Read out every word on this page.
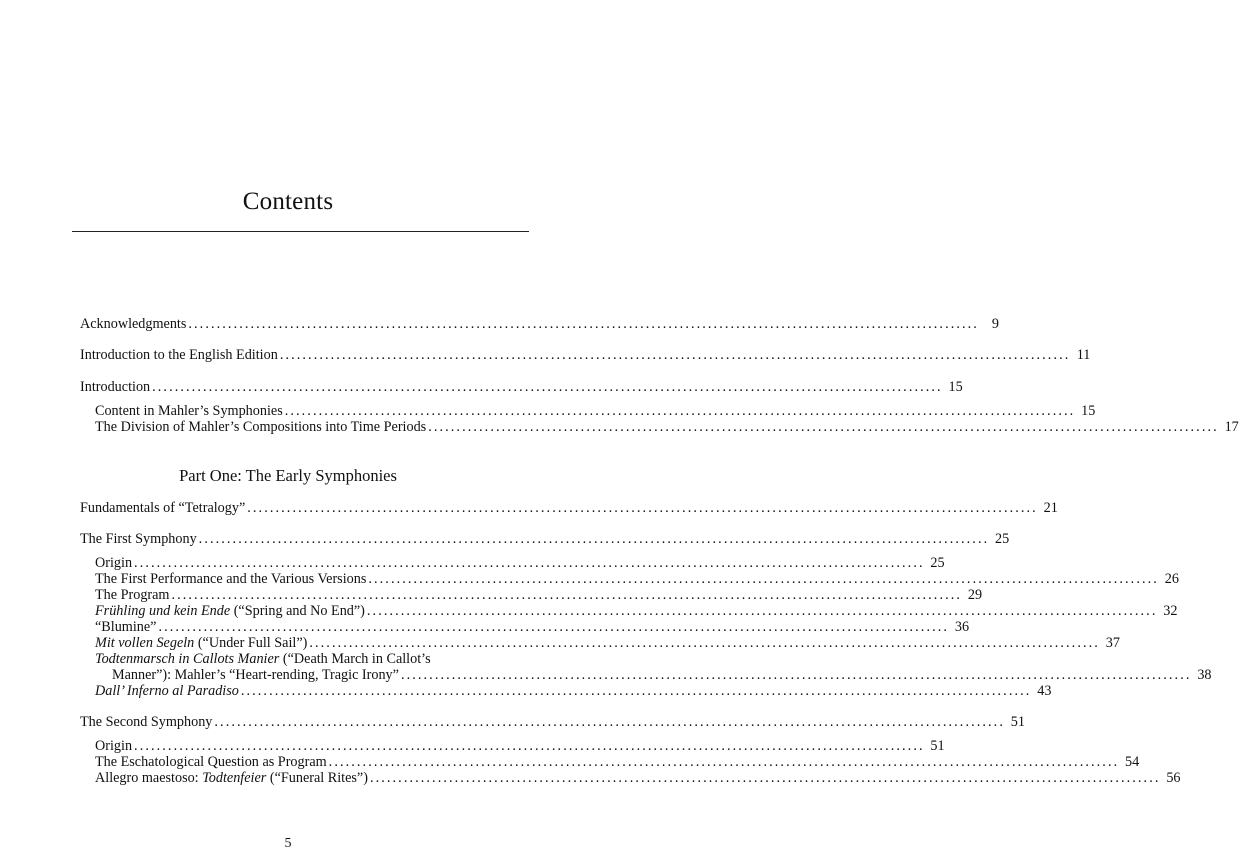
Contents
Acknowledgments ............................................................................................................................................ 9
Introduction to the English Edition ............................................................................................................................................ 11
Introduction ............................................................................................................................................ 15
Content in Mahler’s Symphonies ............................................................................................................................................ 15
The Division of Mahler’s Compositions into Time Periods ............................................................................................................................................ 17
Part One: The Early Symphonies
Fundamentals of “Tetralogy” ............................................................................................................................................ 21
The First Symphony ............................................................................................................................................ 25
Origin ............................................................................................................................................ 25
The First Performance and the Various Versions ............................................................................................................................................ 26
The Program ............................................................................................................................................ 29
Frühling und kein Ende (“Spring and No End”) ............................................................................................................................................ 32
“Blumine” ............................................................................................................................................ 36
Mit vollen Segeln (“Under Full Sail”) ............................................................................................................................................ 37
Todtenmarsch in Callots Manier (“Death March in Callot’s
Manner”): Mahler’s “Heart-rending, Tragic Irony” ............................................................................................................................................ 38
Dall’ Inferno al Paradiso ............................................................................................................................................ 43
The Second Symphony ............................................................................................................................................ 51
Origin ............................................................................................................................................ 51
The Eschatological Question as Program ............................................................................................................................................ 54
Allegro maestoso: Todtenfeier (“Funeral Rites”) ............................................................................................................................................ 56
5
